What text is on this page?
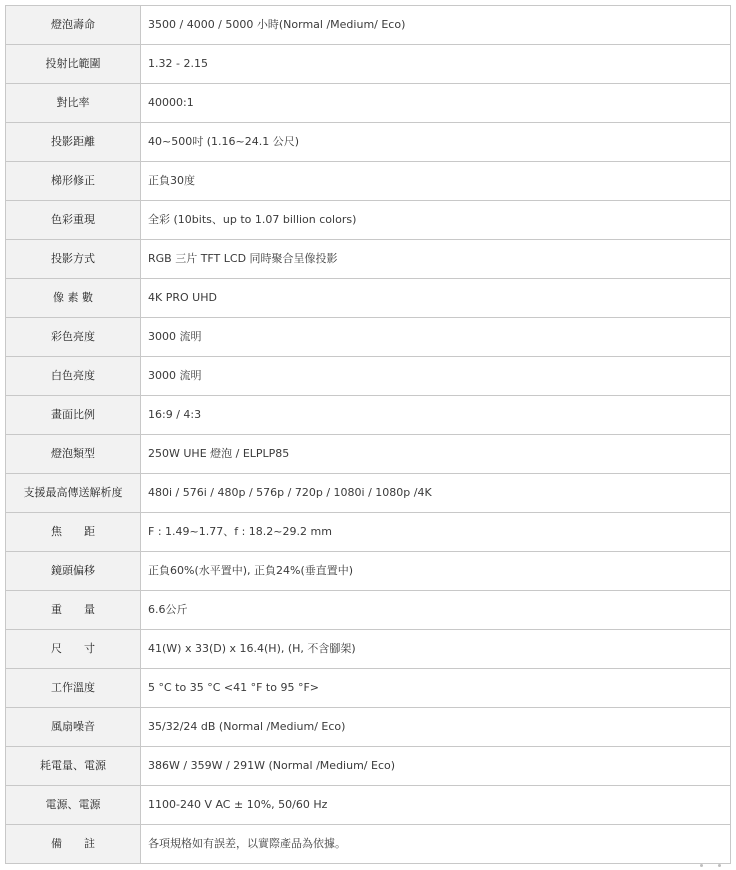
燈泡壽命	3500 / 4000 / 5000 小時(Normal /Medium/ Eco)
投射比範圍	1.32 - 2.15
對比率	40000:1
投影距離	40~500吋 (1.16~24.1 公尺)
梯形修正	正負30度
色彩重現	全彩 (10bits、up to 1.07 billion colors)
投影方式	RGB 三片 TFT LCD 同時聚合呈像投影
像 素 數	4K PRO UHD
彩色亮度	3000 流明
白色亮度	3000 流明
畫面比例	16:9 / 4:3
燈泡類型	250W UHE 燈泡 / ELPLP85
支援最高傳送解析度	480i / 576i / 480p / 576p / 720p / 1080i / 1080p /4K
焦　　距	F : 1.49~1.77、f : 18.2~29.2 mm
鏡頭偏移	正負60%(水平置中), 正負24%(垂直置中)
重　　量	6.6公斤
尺　　寸	41(W) x 33(D) x 16.4(H), (H, 不含腳架)
工作溫度	5 °C to 35 °C <41 °F to 95 °F>
風扇噪音	35/32/24 dB (Normal /Medium/ Eco)
耗電量、電源	386W / 359W / 291W (Normal /Medium/ Eco)
電源、電源	1100-240 V AC ± 10%, 50/60 Hz
備　　註	各項規格如有誤差，以實際產品為依據。
